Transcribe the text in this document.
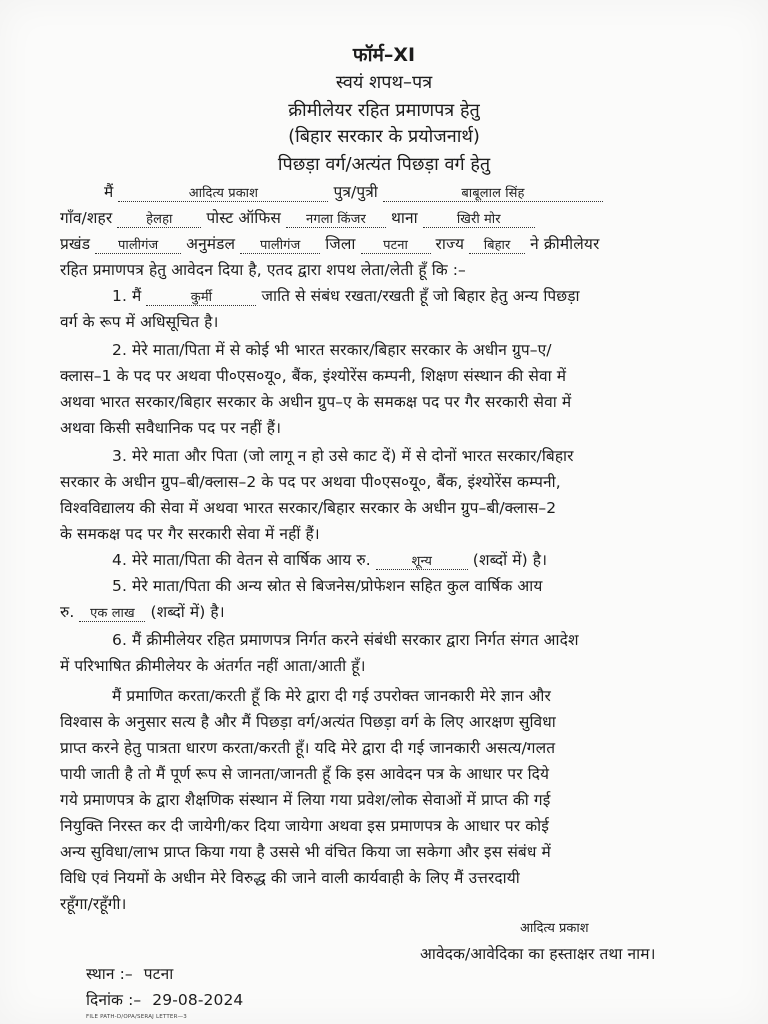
फॉर्म–XI
स्वयं शपथ–पत्र
क्रीमीलेयर रहित प्रमाणपत्र हेतु
(बिहार सरकार के प्रयोजनार्थ)
पिछड़ा वर्ग/अत्यंत पिछड़ा वर्ग हेतु
मैं	आदित्य प्रकाश	पुत्र/पुत्री	बाबूलाल सिंह
गाँव/शहर	हेलहा पोस्ट ऑफिस नगला किंजर थाना	खिरी मोर
प्रखंड पालीगंज अनुमंडल पालीगंज जिला पटना राज्य बिहार ने क्रीमीलेयर
रहित प्रमाणपत्र हेतु आवेदन दिया है, एतद द्वारा शपथ लेता/लेती हूँ कि :–
1. मैं	कुर्मी	जाति से संबंध रखता/रखती हूँ जो बिहार हेतु अन्य पिछड़ा
वर्ग के रूप में अधिसूचित है।
2. मेरे माता/पिता में से कोई भी भारत सरकार/बिहार सरकार के अधीन ग्रुप–ए/
क्लास–1 के पद पर अथवा पी०एस०यू०, बैंक, इंश्योरेंस कम्पनी, शिक्षण संस्थान की सेवा में
अथवा भारत सरकार/बिहार सरकार के अधीन ग्रुप–ए के समकक्ष पद पर गैर सरकारी सेवा में
अथवा किसी सवैधानिक पद पर नहीं हैं।
3. मेरे माता और पिता (जो लागू न हो उसे काट दें) में से दोनों भारत सरकार/बिहार
सरकार के अधीन ग्रुप–बी/क्लास–2 के पद पर अथवा पी०एस०यू०, बैंक, इंश्योरेंस कम्पनी,
विश्वविद्यालय की सेवा में अथवा भारत सरकार/बिहार सरकार के अधीन ग्रुप–बी/क्लास–2
के समकक्ष पद पर गैर सरकारी सेवा में नहीं हैं।
4. मेरे माता/पिता की वेतन से वार्षिक आय रु.	शून्य	(शब्दों में) है।
5. मेरे माता/पिता की अन्य स्रोत से बिजनेस/प्रोफेशन सहित कुल वार्षिक आय
रु. एक लाख (शब्दों में) है।
6. मैं क्रीमीलेयर रहित प्रमाणपत्र निर्गत करने संबंधी सरकार द्वारा निर्गत संगत आदेश
में परिभाषित क्रीमीलेयर के अंतर्गत नहीं आता/आती हूँ।
मैं प्रमाणित करता/करती हूँ कि मेरे द्वारा दी गई उपरोक्त जानकारी मेरे ज्ञान और
विश्वास के अनुसार सत्य है और मैं पिछड़ा वर्ग/अत्यंत पिछड़ा वर्ग के लिए आरक्षण सुविधा
प्राप्त करने हेतु पात्रता धारण करता/करती हूँ। यदि मेरे द्वारा दी गई जानकारी असत्य/गलत
पायी जाती है तो मैं पूर्ण रूप से जानता/जानती हूँ कि इस आवेदन पत्र के आधार पर दिये
गये प्रमाणपत्र के द्वारा शैक्षणिक संस्थान में लिया गया प्रवेश/लोक सेवाओं में प्राप्त की गई
नियुक्ति निरस्त कर दी जायेगी/कर दिया जायेगा अथवा इस प्रमाणपत्र के आधार पर कोई
अन्य सुविधा/लाभ प्राप्त किया गया है उससे भी वंचित किया जा सकेगा और इस संबंध में
विधि एवं नियमों के अधीन मेरे विरुद्ध की जाने वाली कार्यवाही के लिए मैं उत्तरदायी
रहूँगा/रहूँगी।
आदित्य प्रकाश
आवेदक/आवेदिका का हस्ताक्षर तथा नाम।
स्थान :– पटना
दिनांक :– 29-08-2024
FILE PATH-D/OPA/SERAJ LETTER—3
